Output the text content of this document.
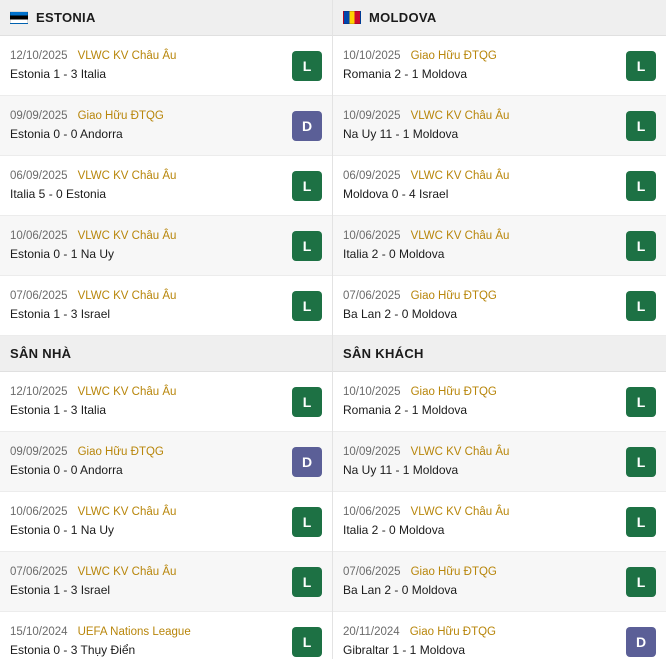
ESTONIA
12/10/2025 VLWC KV Châu Âu
Estonia 1 - 3 Italia
L
09/09/2025 Giao Hữu ĐTQG
Estonia 0 - 0 Andorra
D
06/09/2025 VLWC KV Châu Âu
Italia 5 - 0 Estonia
L
10/06/2025 VLWC KV Châu Âu
Estonia 0 - 1 Na Uy
L
07/06/2025 VLWC KV Châu Âu
Estonia 1 - 3 Israel
L
SÂN NHÀ
12/10/2025 VLWC KV Châu Âu
Estonia 1 - 3 Italia
L
09/09/2025 Giao Hữu ĐTQG
Estonia 0 - 0 Andorra
D
10/06/2025 VLWC KV Châu Âu
Estonia 0 - 1 Na Uy
L
07/06/2025 VLWC KV Châu Âu
Estonia 1 - 3 Israel
L
15/10/2024 UEFA Nations League
Estonia 0 - 3 Thụy Điển
L
MOLDOVA
10/10/2025 Giao Hữu ĐTQG
Romania 2 - 1 Moldova
L
10/09/2025 VLWC KV Châu Âu
Na Uy 11 - 1 Moldova
L
06/09/2025 VLWC KV Châu Âu
Moldova 0 - 4 Israel
L
10/06/2025 VLWC KV Châu Âu
Italia 2 - 0 Moldova
L
07/06/2025 Giao Hữu ĐTQG
Ba Lan 2 - 0 Moldova
L
SÂN KHÁCH
10/10/2025 Giao Hữu ĐTQG
Romania 2 - 1 Moldova
L
10/09/2025 VLWC KV Châu Âu
Na Uy 11 - 1 Moldova
L
10/06/2025 VLWC KV Châu Âu
Italia 2 - 0 Moldova
L
07/06/2025 Giao Hữu ĐTQG
Ba Lan 2 - 0 Moldova
L
20/11/2024 Giao Hữu ĐTQG
Gibraltar 1 - 1 Moldova
D
